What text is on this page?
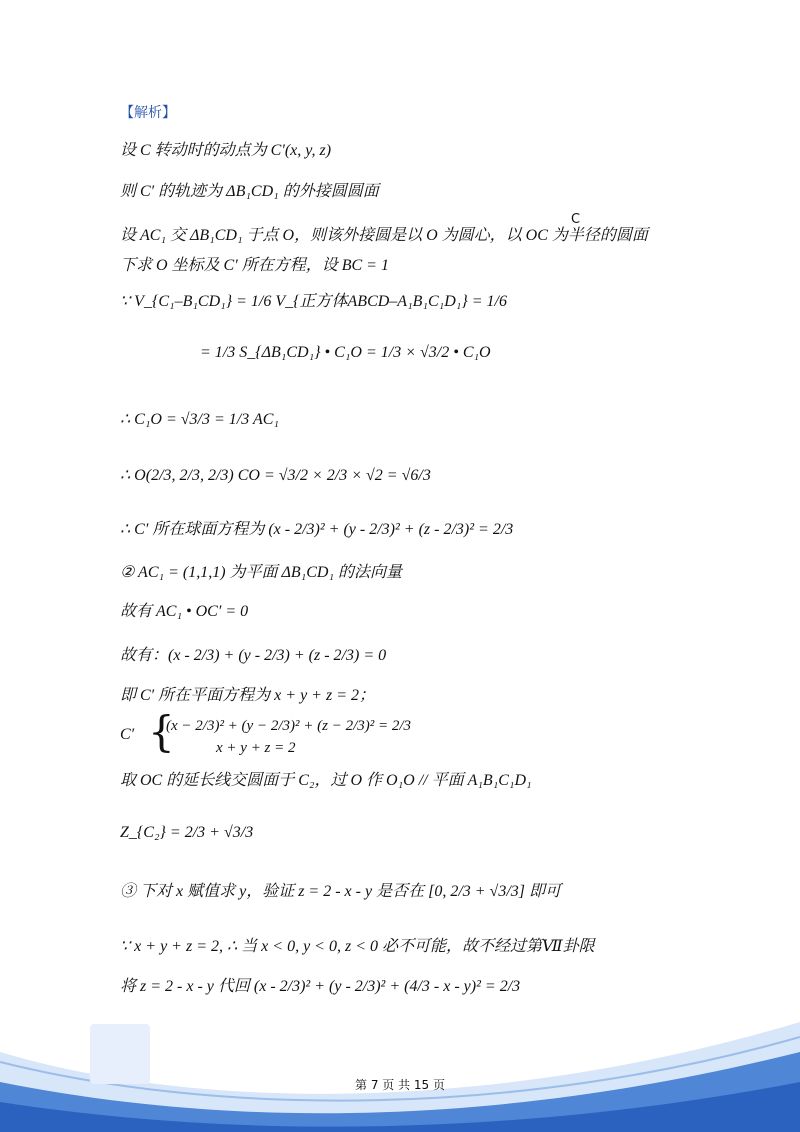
【解析】
C
设 C 转动时的动点为 C′(x, y, z)
则 C′ 的轨迹为 ΔB₁CD₁ 的外接圆圆面
设 AC₁ 交 ΔB₁CD₁ 于点 O，则该外接圆是以 O 为圆心，以 OC 为半径的圆面
下求 O 坐标及 C′ 所在方程，设 BC = 1
∵ V_{C₁–B₁CD₁} = 1/6 V_{正方体ABCD–A₁B₁C₁D₁} = 1/6
= 1/3 S_{ΔB₁CD₁} • C₁O = 1/3 × √3/2 • C₁O
∴ C₁O = √3/3 = 1/3 AC₁
∴ O(2/3, 2/3, 2/3) CO = √3/2 × 2/3 × √2 = √6/3
∴ C′ 所在球面方程为 (x - 2/3)² + (y - 2/3)² + (z - 2/3)² = 2/3
② AC₁ = (1,1,1) 为平面 ΔB₁CD₁ 的法向量
故有 AC₁ • OC′ = 0
故有：(x - 2/3) + (y - 2/3) + (z - 2/3) = 0
即 C′ 所在平面方程为 x + y + z = 2；
C′ {
(x − 2/3)² + (y − 2/3)² + (z − 2/3)² = 2/3
x + y + z = 2
取 OC 的延长线交圆面于 C₂，过 O 作 O₁O // 平面 A₁B₁C₁D₁
Z_{C₂} = 2/3 + √3/3
③ 下对 x 赋值求 y，验证 z = 2 - x - y 是否在 [0, 2/3 + √3/3] 即可
∵ x + y + z = 2, ∴ 当 x < 0, y < 0, z < 0 必不可能，故不经过第Ⅶ卦限
将 z = 2 - x - y 代回 (x - 2/3)² + (y - 2/3)² + (4/3 - x - y)² = 2/3
第 7 页 共 15 页
